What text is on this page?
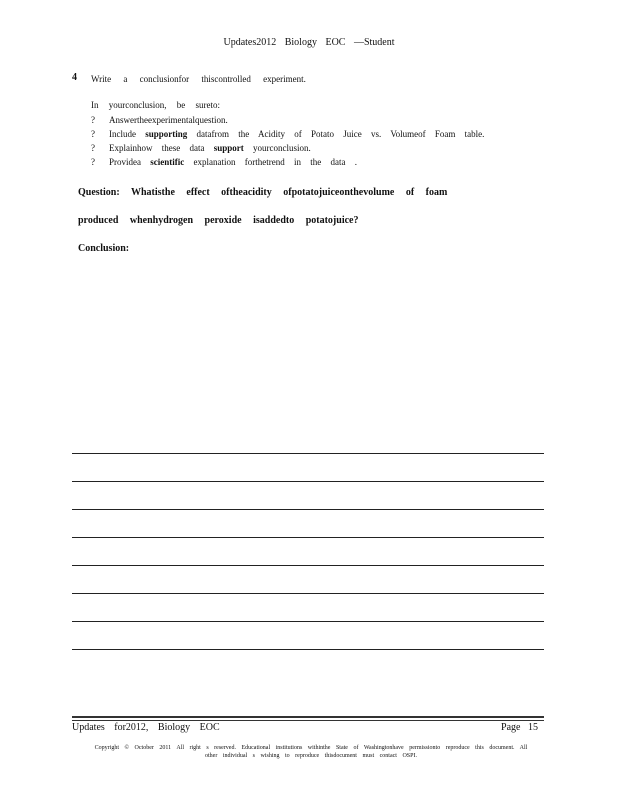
Updates2012 Biology EOC —Student
4 Write a conclusionfor thiscontrolled experiment.
In yourconclusion, be sureto:
?	Answertheexperimentalquestion.
?	Include supporting datafrom the Acidity of Potato Juice vs. Volumeof Foam table.
?	Explainhow these data support yourconclusion.
?	Providea scientific explanation forthetrend in the data .
Question: Whatisthe effect oftheacidity ofpotatojuiceonthevolume of foam
produced whenhydrogen peroxide isaddedto potatojuice?
Conclusion:
Updates for2012, Biology EOC	Page 15
Copyright © October 2011 All right s reserved. Educational institutions withinthe State of Washingtonhave permissionto reproduce this document. All other individual s wishing to reproduce thisdocument must contact OSPI.
